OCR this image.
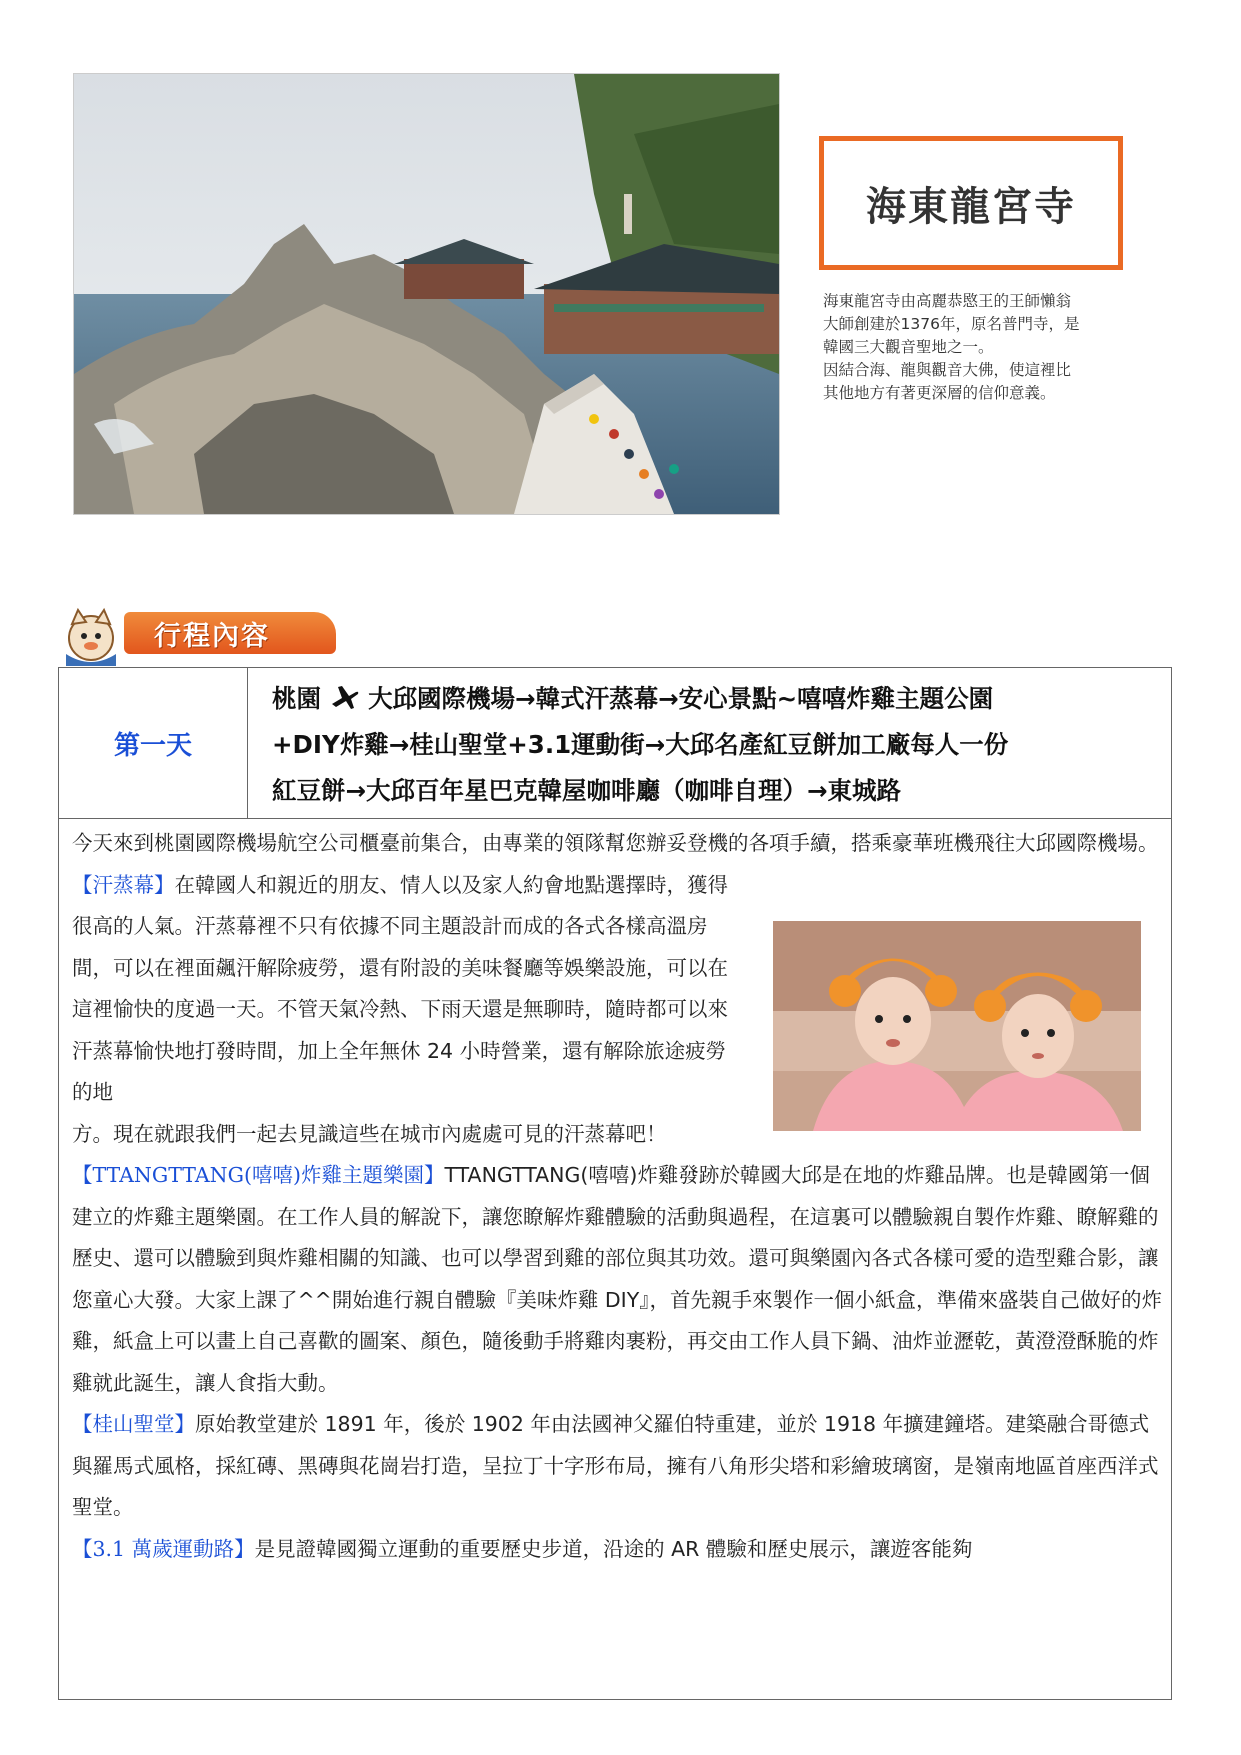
海東龍宮寺

海東龍宮寺由高麗恭愍王的王師懶翁

大師創建於1376年，原名普門寺，是

韓國三大觀音聖地之一。

因結合海、龍與觀音大佛，使這裡比

其他地方有著更深層的信仰意義。

行程內容
第一天
桃園 大邱國際機場→韓式汗蒸幕→安心景點~嘻嘻炸雞主題公園
+DIY炸雞→桂山聖堂+3.1運動街→大邱名產紅豆餅加工廠每人一份
紅豆餅→大邱百年星巴克韓屋咖啡廳（咖啡自理）→東城路

今天來到桃園國際機場航空公司櫃臺前集合，由專業的領隊幫您辦妥登機的各項手續，搭乘豪華班機飛往大邱國際機場。

【汗蒸幕】在韓國人和親近的朋友、情人以及家人約會地點選擇時，獲得很高的人氣。汗蒸幕裡不只有依據不同主題設計而成的各式各樣高溫房間，可以在裡面飆汗解除疲勞，還有附設的美味餐廳等娛樂設施，可以在這裡愉快的度過一天。不管天氣冷熱、下雨天還是無聊時，隨時都可以來汗蒸幕愉快地打發時間，加上全年無休 24 小時營業，還有解除旅途疲勞的地

方。現在就跟我們一起去見識這些在城市內處處可見的汗蒸幕吧！

【TTANGTTANG(嘻嘻)炸雞主題樂園】TTANGTTANG(嘻嘻)炸雞發跡於韓國大邱是在地的炸雞品牌。也是韓國第一個建立的炸雞主題樂園。在工作人員的解說下，讓您瞭解炸雞體驗的活動與過程，在這裏可以體驗親自製作炸雞、瞭解雞的歷史、還可以體驗到與炸雞相關的知識、也可以學習到雞的部位與其功效。還可與樂園內各式各樣可愛的造型雞合影，讓您童心大發。大家上課了^^開始進行親自體驗『美味炸雞 DIY』，首先親手來製作一個小紙盒，準備來盛裝自己做好的炸雞，紙盒上可以畫上自己喜歡的圖案、顏色，隨後動手將雞肉裹粉，再交由工作人員下鍋、油炸並瀝乾，黃澄澄酥脆的炸雞就此誕生，讓人食指大動。

【桂山聖堂】原始教堂建於 1891 年，後於 1902 年由法國神父羅伯特重建，並於 1918 年擴建鐘塔。建築融合哥德式與羅馬式風格，採紅磚、黑磚與花崗岩打造，呈拉丁十字形布局，擁有八角形尖塔和彩繪玻璃窗，是嶺南地區首座西洋式聖堂。

【3.1 萬歲運動路】是見證韓國獨立運動的重要歷史步道，沿途的 AR 體驗和歷史展示，讓遊客能夠
